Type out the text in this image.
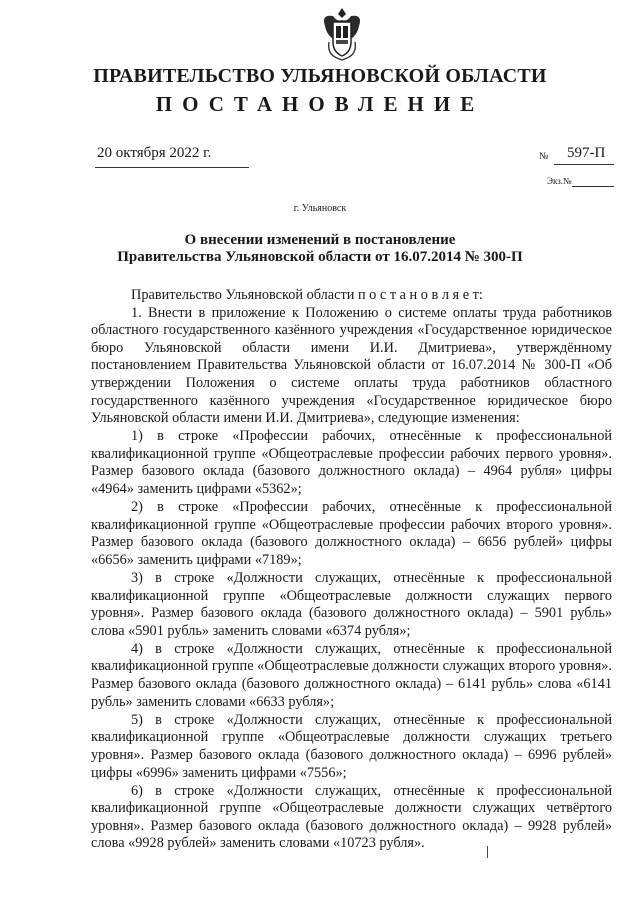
ПРАВИТЕЛЬСТВО УЛЬЯНОВСКОЙ ОБЛАСТИ
ПОСТАНОВЛЕНИЕ
20 октября 2022 г.	№ 597-П
Экз.№
г. Ульяновск
О внесении изменений в постановление
Правительства Ульяновской области от 16.07.2014 № 300-П

Правительство Ульяновской области п о с т а н о в л я е т:

1. Внести в приложение к Положению о системе оплаты труда работников областного государственного казённого учреждения «Государственное юридическое бюро Ульяновской области имени И.И. Дмитриева», утверждённому постановлением Правительства Ульяновской области от 16.07.2014 № 300-П «Об утверждении Положения о системе оплаты труда работников областного государственного казённого учреждения «Государственное юридическое бюро Ульяновской области имени И.И. Дмитриева», следующие изменения:

1) в строке «Профессии рабочих, отнесённые к профессиональной квалификационной группе «Общеотраслевые профессии рабочих первого уровня». Размер базового оклада (базового должностного оклада) – 4964 рубля» цифры «4964» заменить цифрами «5362»;

2) в строке «Профессии рабочих, отнесённые к профессиональной квалификационной группе «Общеотраслевые профессии рабочих второго уровня». Размер базового оклада (базового должностного оклада) – 6656 рублей» цифры «6656» заменить цифрами «7189»;

3) в строке «Должности служащих, отнесённые к профессиональной квалификационной группе «Общеотраслевые должности служащих первого уровня». Размер базового оклада (базового должностного оклада) – 5901 рубль» слова «5901 рубль» заменить словами «6374 рубля»;

4) в строке «Должности служащих, отнесённые к профессиональной квалификационной группе «Общеотраслевые должности служащих второго уровня». Размер базового оклада (базового должностного оклада) – 6141 рубль» слова «6141 рубль» заменить словами «6633 рубля»;

5) в строке «Должности служащих, отнесённые к профессиональной квалификационной группе «Общеотраслевые должности служащих третьего уровня». Размер базового оклада (базового должностного оклада) – 6996 рублей» цифры «6996» заменить цифрами «7556»;

6) в строке «Должности служащих, отнесённые к профессиональной квалификационной группе «Общеотраслевые должности служащих четвёртого уровня». Размер базового оклада (базового должностного оклада) – 9928 рублей» слова «9928 рублей» заменить словами «10723 рубля».
